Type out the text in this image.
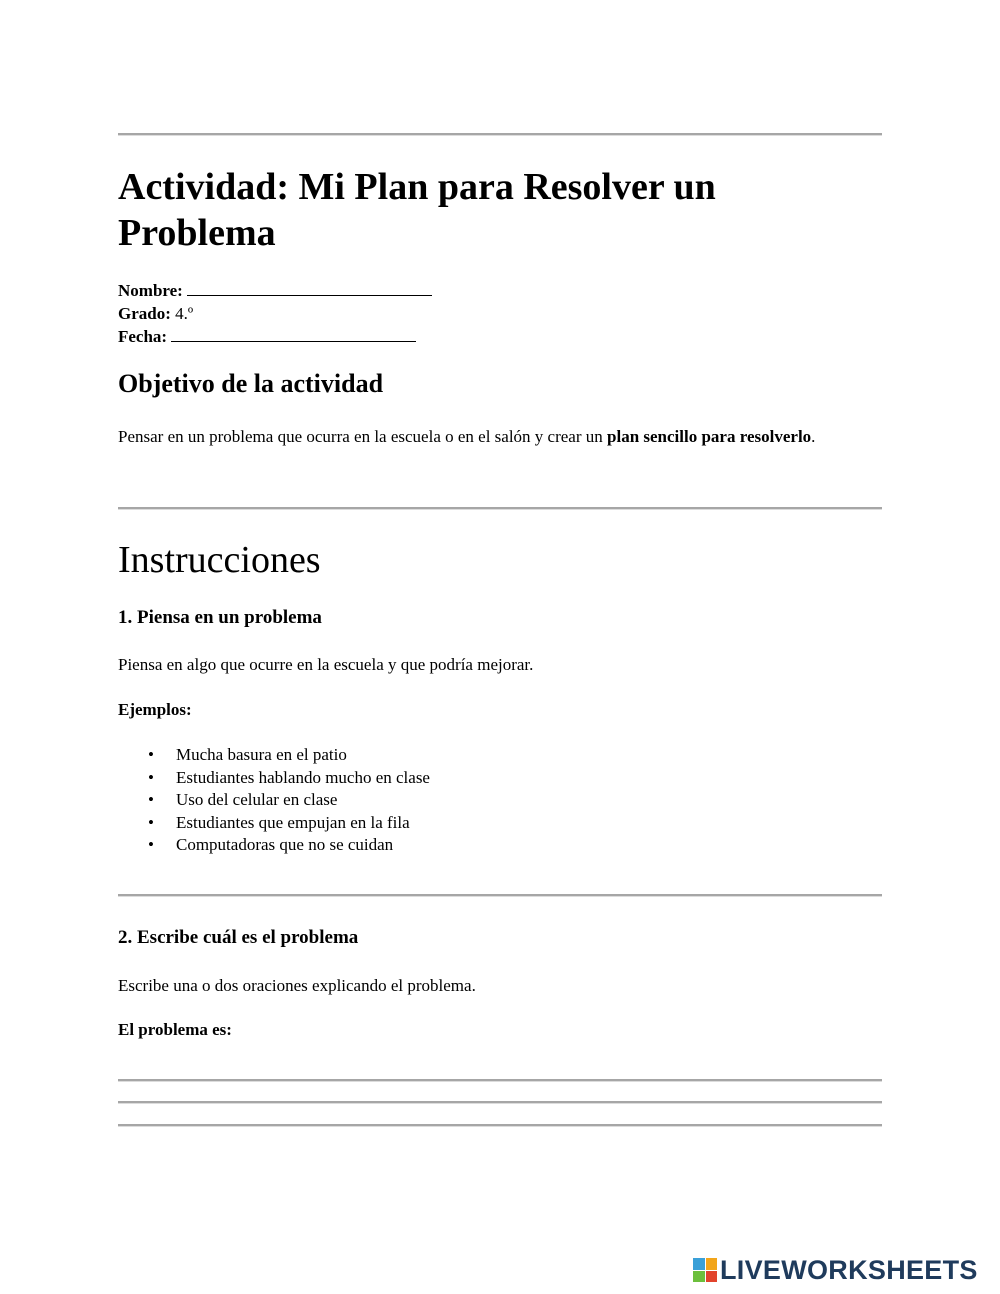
Actividad: Mi Plan para Resolver un Problema
Nombre:
Grado: 4.º
Fecha:
Objetivo de la actividad

Pensar en un problema que ocurra en la escuela o en el salón y crear un plan sencillo para resolverlo.

Instrucciones
1. Piensa en un problema

Piensa en algo que ocurre en la escuela y que podría mejorar.

Ejemplos:

• Mucha basura en el patio
• Estudiantes hablando mucho en clase
• Uso del celular en clase
• Estudiantes que empujan en la fila
• Computadoras que no se cuidan
2. Escribe cuál es el problema

Escribe una o dos oraciones explicando el problema.

El problema es:

LIVEWORKSHEETS
